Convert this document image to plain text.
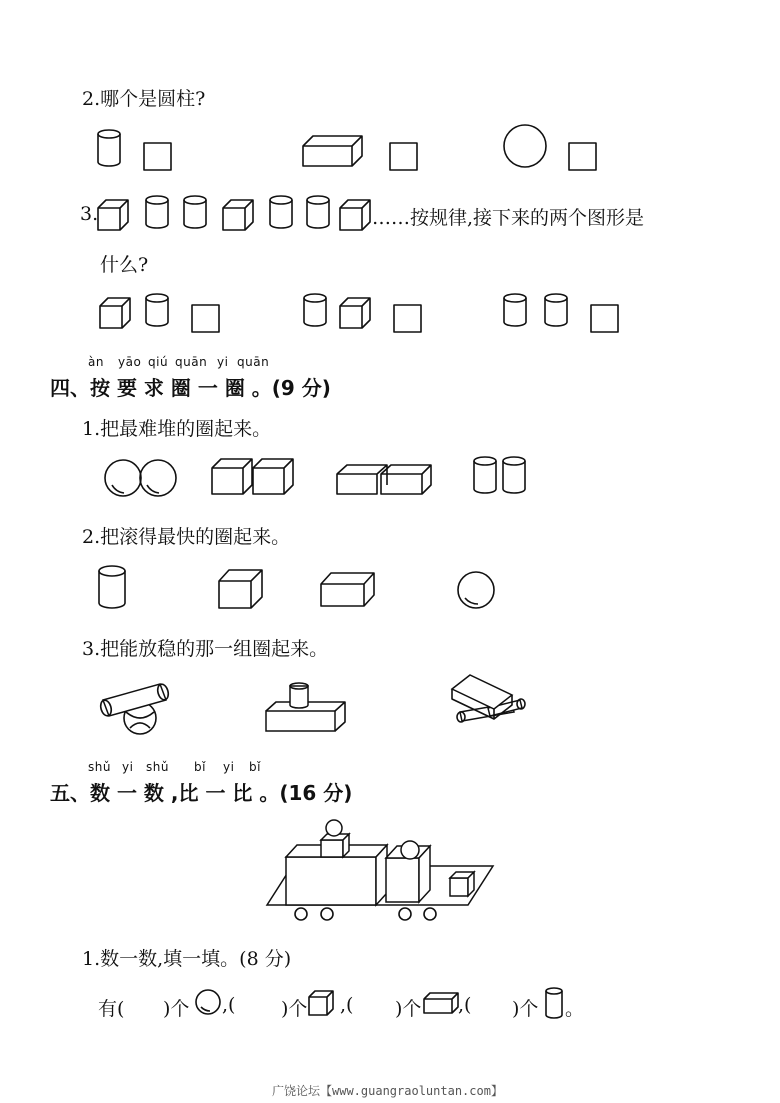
2.哪个是圆柱?
3.	……按规律,接下来的两个图形是
什么?
àn yāo qiú quān yi quān
四、按 要 求 圈 一 圈 。(9 分)
1.把最难堆的圈起来。
2.把滚得最快的圈起来。
3.把能放稳的那一组圈起来。
shǔ yi shǔ bǐ yi bǐ
五、数 一 数 ,比 一 比 。(16 分)
1.数一数,填一填。(8 分)
有( )个 ,( )个 ,( )个 ,( )个 。
广饶论坛【www.guangraoluntan.com】
